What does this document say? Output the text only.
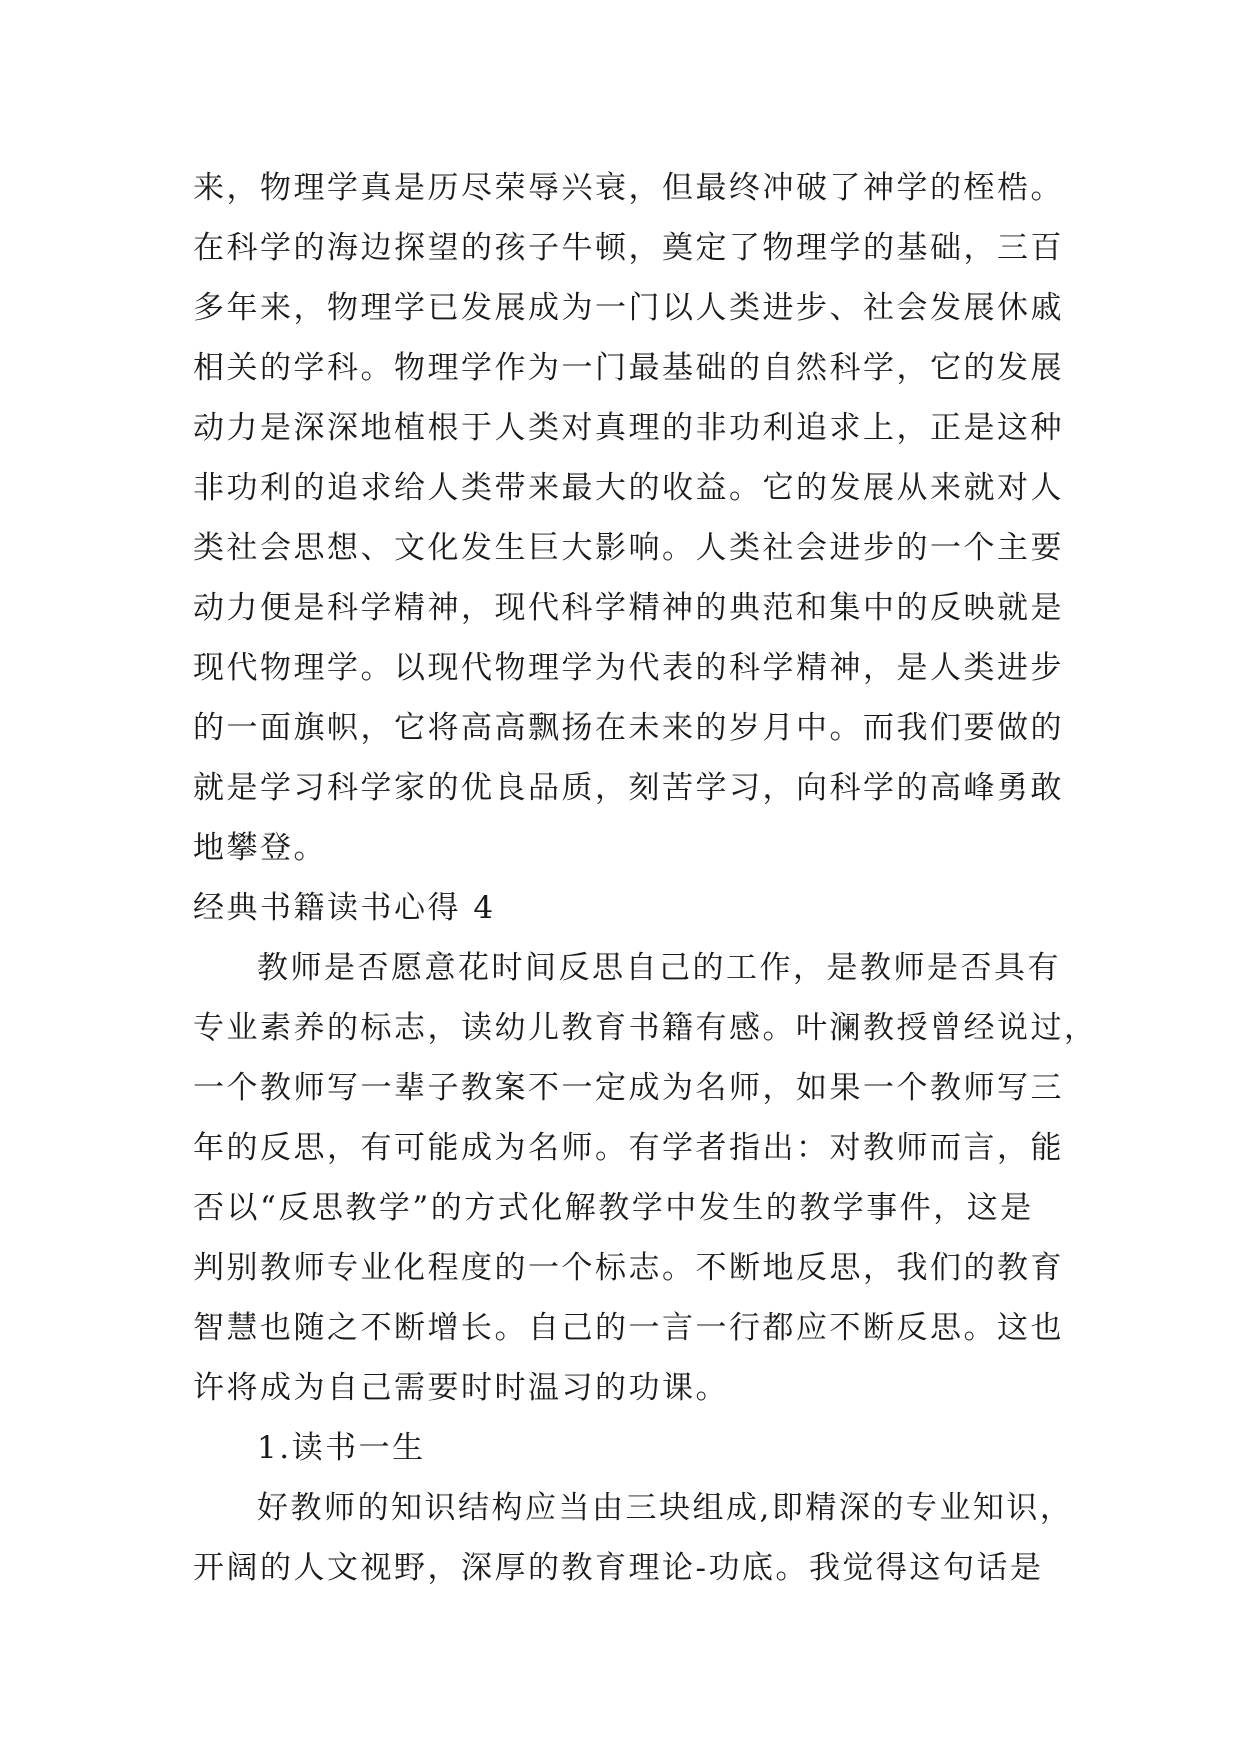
来，物理学真是历尽荣辱兴衰，但最终冲破了神学的桎梏。
在科学的海边探望的孩子牛顿，奠定了物理学的基础，三百
多年来，物理学已发展成为一门以人类进步、社会发展休戚
相关的学科。物理学作为一门最基础的自然科学，它的发展
动力是深深地植根于人类对真理的非功利追求上，正是这种
非功利的追求给人类带来最大的收益。它的发展从来就对人
类社会思想、文化发生巨大影响。人类社会进步的一个主要
动力便是科学精神，现代科学精神的典范和集中的反映就是
现代物理学。以现代物理学为代表的科学精神，是人类进步
的一面旗帜，它将高高飘扬在未来的岁月中。而我们要做的
就是学习科学家的优良品质，刻苦学习，向科学的高峰勇敢
地攀登。
经典书籍读书心得 4
教师是否愿意花时间反思自己的工作，是教师是否具有
专业素养的标志，读幼儿教育书籍有感。叶澜教授曾经说过，
一个教师写一辈子教案不一定成为名师，如果一个教师写三
年的反思，有可能成为名师。有学者指出：对教师而言，能
否以“反思教学”的方式化解教学中发生的教学事件，这是
判别教师专业化程度的一个标志。不断地反思，我们的教育
智慧也随之不断增长。自己的一言一行都应不断反思。这也
许将成为自己需要时时温习的功课。
1.读书一生
好教师的知识结构应当由三块组成,即精深的专业知识，
开阔的人文视野，深厚的教育理论-功底。我觉得这句话是
